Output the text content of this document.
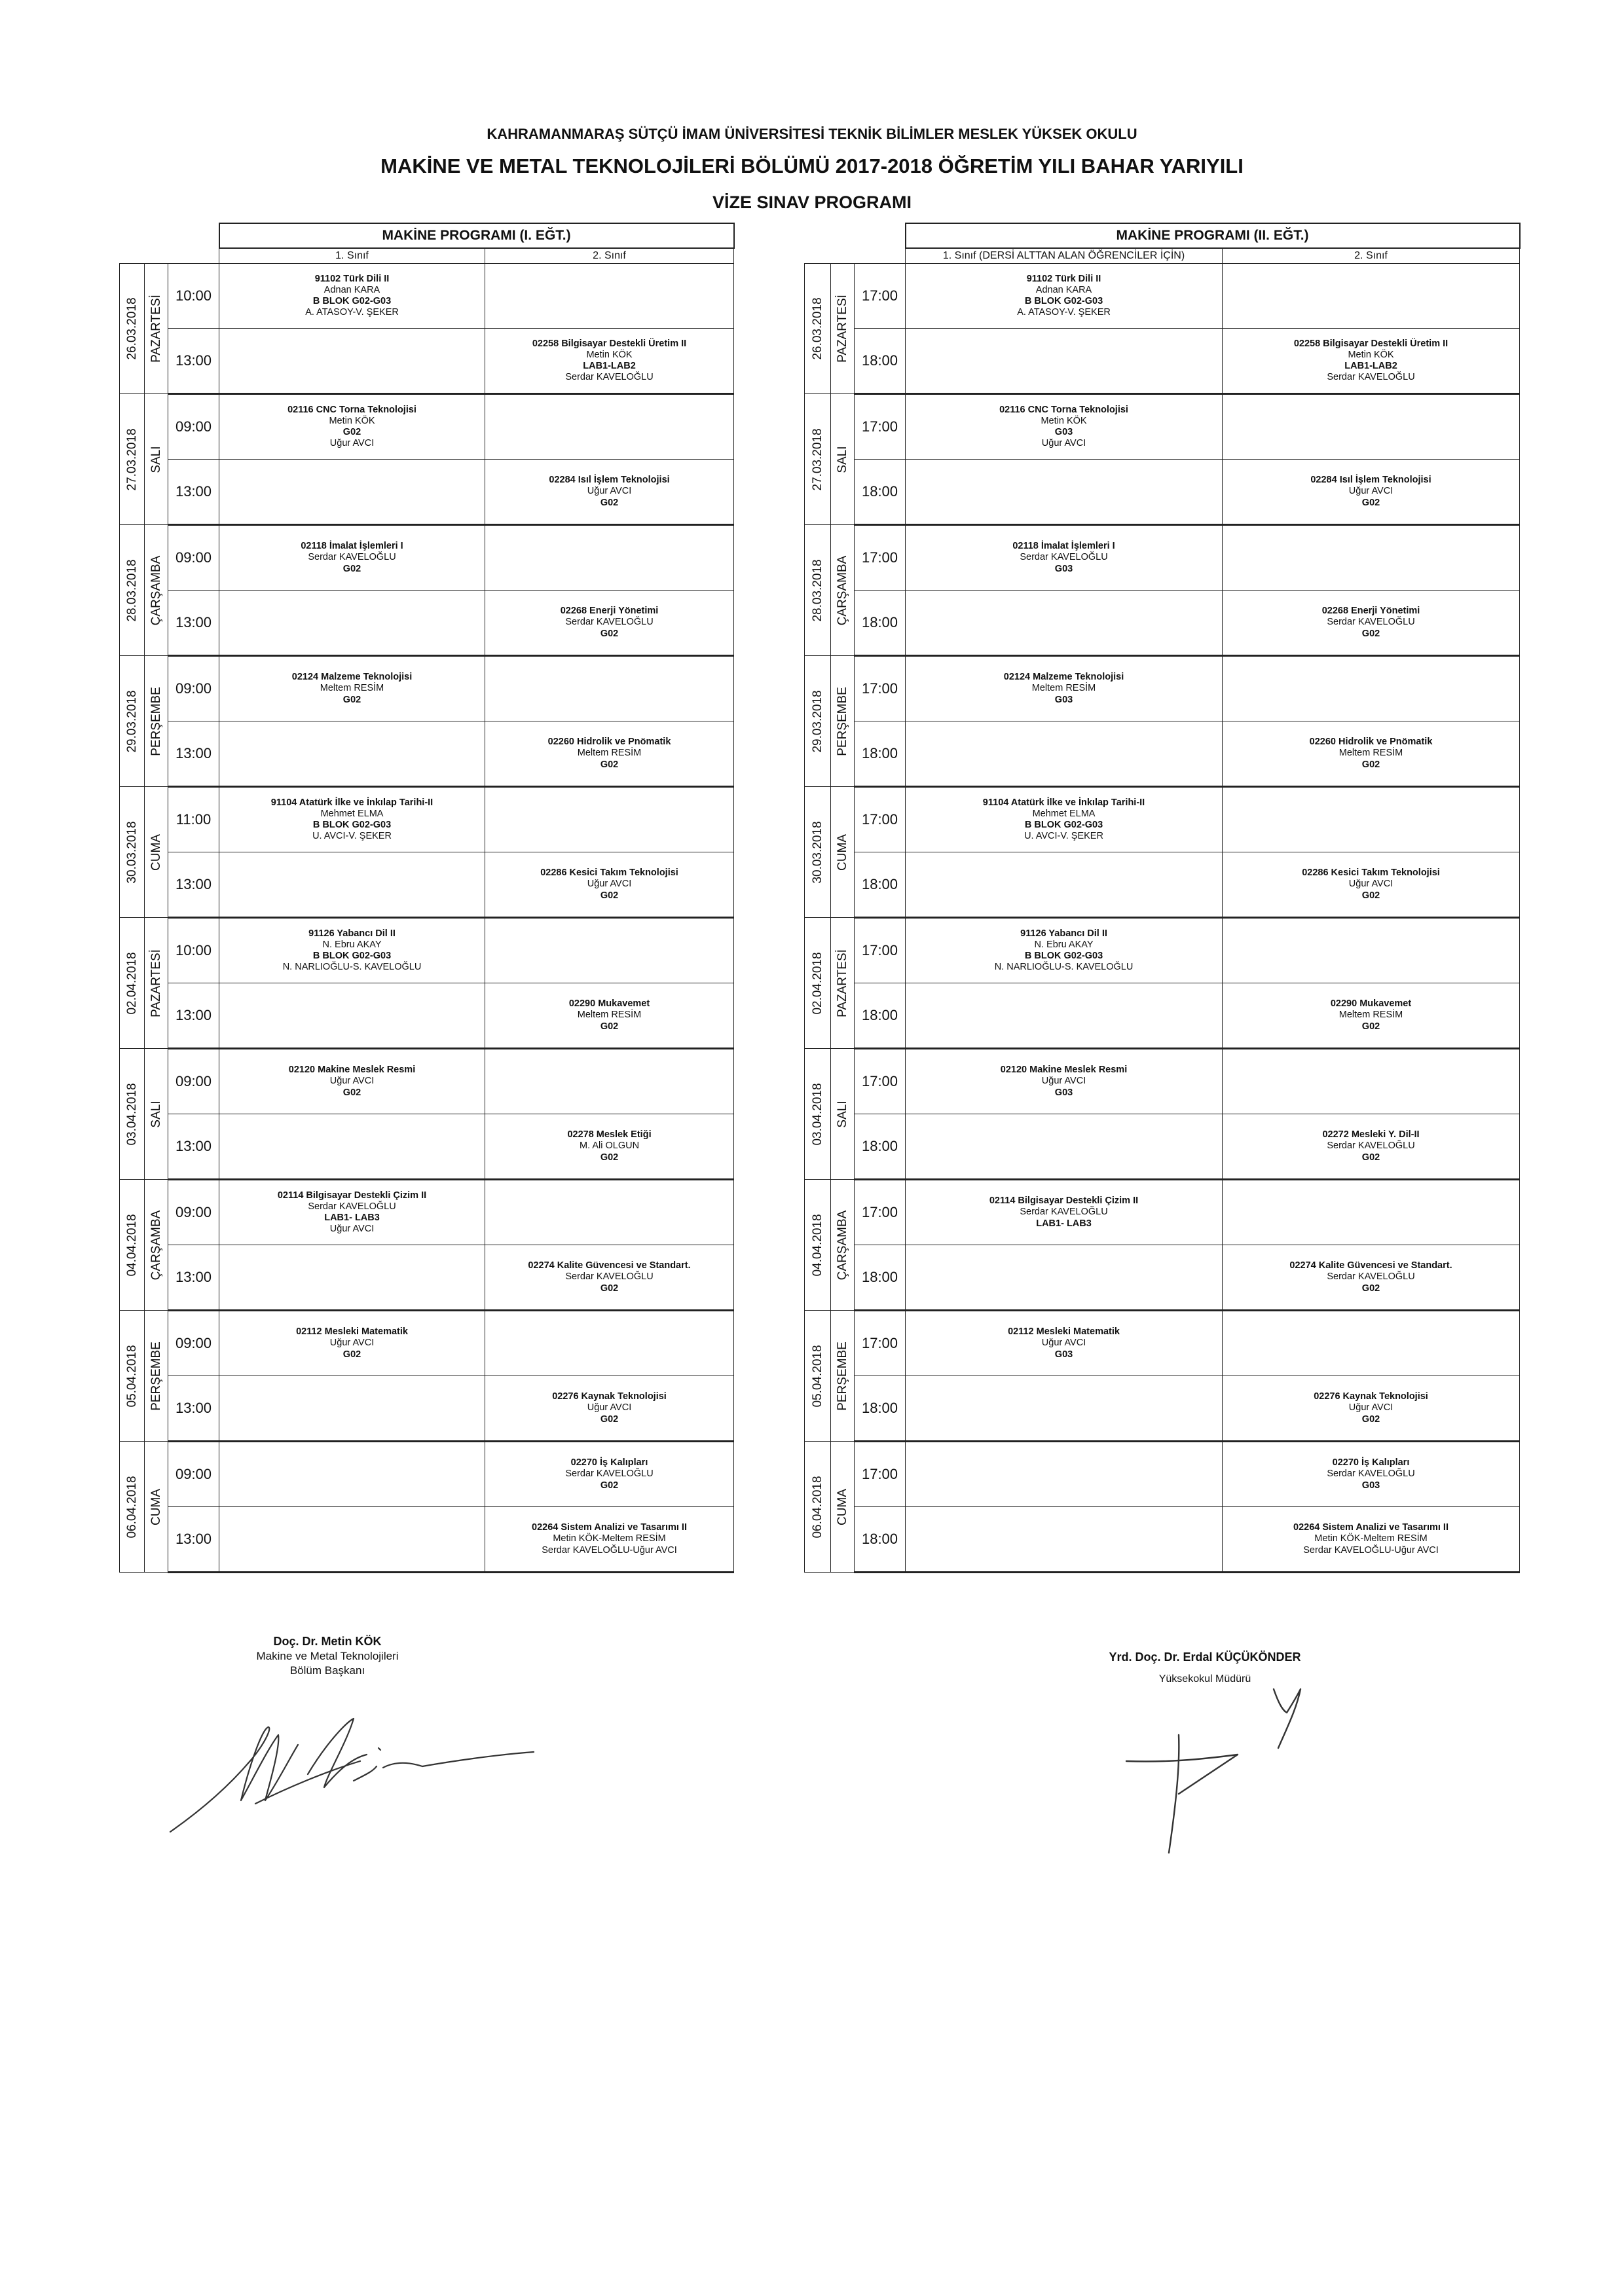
KAHRAMANMARAŞ SÜTÇÜ İMAM ÜNİVERSİTESİ TEKNİK BİLİMLER MESLEK YÜKSEK OKULU
MAKİNE VE METAL TEKNOLOJİLERİ BÖLÜMÜ 2017-2018 ÖĞRETİM YILI BAHAR YARIYILI
VİZE SINAV PROGRAMI
			MAKİNE PROGRAMI (I. EĞT.)	
			1. Sınıf	2. Sınıf

26.03.2018	PAZARTESİ	10:00	91102 Türk Dili II
Adnan KARA
B BLOK G02-G03
A. ATASOY-V. ŞEKER	

		13:00		02258 Bilgisayar Destekli Üretim II
Metin KÖK
LAB1-LAB2
Serdar KAVELOĞLU

27.03.2018	SALI	09:00	02116 CNC Torna Teknolojisi
Metin KÖK
G02
Uğur AVCI	

		13:00		02284 Isıl İşlem Teknolojisi
Uğur AVCI
G02

28.03.2018	ÇARŞAMBA	09:00	02118 İmalat İşlemleri I
Serdar KAVELOĞLU
G02	

		13:00		02268 Enerji Yönetimi
Serdar KAVELOĞLU
G02

29.03.2018	PERŞEMBE	09:00	02124 Malzeme Teknolojisi
Meltem RESİM
G02	

		13:00		02260 Hidrolik ve Pnömatik
Meltem RESİM
G02

30.03.2018	CUMA	11:00	91104 Atatürk İlke ve İnkılap Tarihi-II
Mehmet ELMA
B BLOK G02-G03
U. AVCI-V. ŞEKER	

		13:00		02286 Kesici Takım Teknolojisi
Uğur AVCI
G02

02.04.2018	PAZARTESİ	10:00	91126 Yabancı Dil II
N. Ebru AKAY
B BLOK G02-G03
N. NARLIOĞLU-S. KAVELOĞLU	

		13:00		02290 Mukavemet
Meltem RESİM
G02

03.04.2018	SALI	09:00	02120 Makine Meslek Resmi
Uğur AVCI
G02	

		13:00		02278 Meslek Etiği
M. Ali OLGUN
G02

04.04.2018	ÇARŞAMBA	09:00	02114 Bilgisayar Destekli Çizim II
Serdar KAVELOĞLU
LAB1- LAB3
Uğur AVCI	

		13:00		02274 Kalite Güvencesi ve Standart.
Serdar KAVELOĞLU
G02

05.04.2018	PERŞEMBE	09:00	02112 Mesleki Matematik
Uğur AVCI
G02	

		13:00		02276 Kaynak Teknolojisi
Uğur AVCI
G02

06.04.2018	CUMA	09:00		02270 İş Kalıpları
Serdar KAVELOĞLU
G02

		13:00		02264 Sistem Analizi ve Tasarımı II
Metin KÖK-Meltem RESİM
Serdar KAVELOĞLU-Uğur AVCI
			MAKİNE PROGRAMI (II. EĞT.)	
			1. Sınıf (DERSİ ALTTAN ALAN ÖĞRENCİLER İÇİN)	2. Sınıf

26.03.2018	PAZARTESİ	17:00	91102 Türk Dili II
Adnan KARA
B BLOK G02-G03
A. ATASOY-V. ŞEKER	

		18:00		02258 Bilgisayar Destekli Üretim II
Metin KÖK
LAB1-LAB2
Serdar KAVELOĞLU

27.03.2018	SALI	17:00	02116 CNC Torna Teknolojisi
Metin KÖK
G03
Uğur AVCI	

		18:00		02284 Isıl İşlem Teknolojisi
Uğur AVCI
G02

28.03.2018	ÇARŞAMBA	17:00	02118 İmalat İşlemleri I
Serdar KAVELOĞLU
G03	

		18:00		02268 Enerji Yönetimi
Serdar KAVELOĞLU
G02

29.03.2018	PERŞEMBE	17:00	02124 Malzeme Teknolojisi
Meltem RESİM
G03	

		18:00		02260 Hidrolik ve Pnömatik
Meltem RESİM
G02

30.03.2018	CUMA	17:00	91104 Atatürk İlke ve İnkılap Tarihi-II
Mehmet ELMA
B BLOK G02-G03
U. AVCI-V. ŞEKER	

		18:00		02286 Kesici Takım Teknolojisi
Uğur AVCI
G02

02.04.2018	PAZARTESİ	17:00	91126 Yabancı Dil II
N. Ebru AKAY
B BLOK G02-G03
N. NARLIOĞLU-S. KAVELOĞLU	

		18:00		02290 Mukavemet
Meltem RESİM
G02

03.04.2018	SALI	17:00	02120 Makine Meslek Resmi
Uğur AVCI
G03	

		18:00		02272 Mesleki Y. Dil-II
Serdar KAVELOĞLU
G02

04.04.2018	ÇARŞAMBA	17:00	02114 Bilgisayar Destekli Çizim II
Serdar KAVELOĞLU
LAB1- LAB3	

		18:00		02274 Kalite Güvencesi ve Standart.
Serdar KAVELOĞLU
G02

05.04.2018	PERŞEMBE	17:00	02112 Mesleki Matematik
Uğur AVCI
G03	

		18:00		02276 Kaynak Teknolojisi
Uğur AVCI
G02

06.04.2018	CUMA	17:00		02270 İş Kalıpları
Serdar KAVELOĞLU
G03

		18:00		02264 Sistem Analizi ve Tasarımı II
Metin KÖK-Meltem RESİM
Serdar KAVELOĞLU-Uğur AVCI
Doç. Dr. Metin KÖK
Makine ve Metal Teknolojileri
Bölüm Başkanı
Yrd. Doç. Dr. Erdal KÜÇÜKÖNDER
Yüksekokul Müdürü
